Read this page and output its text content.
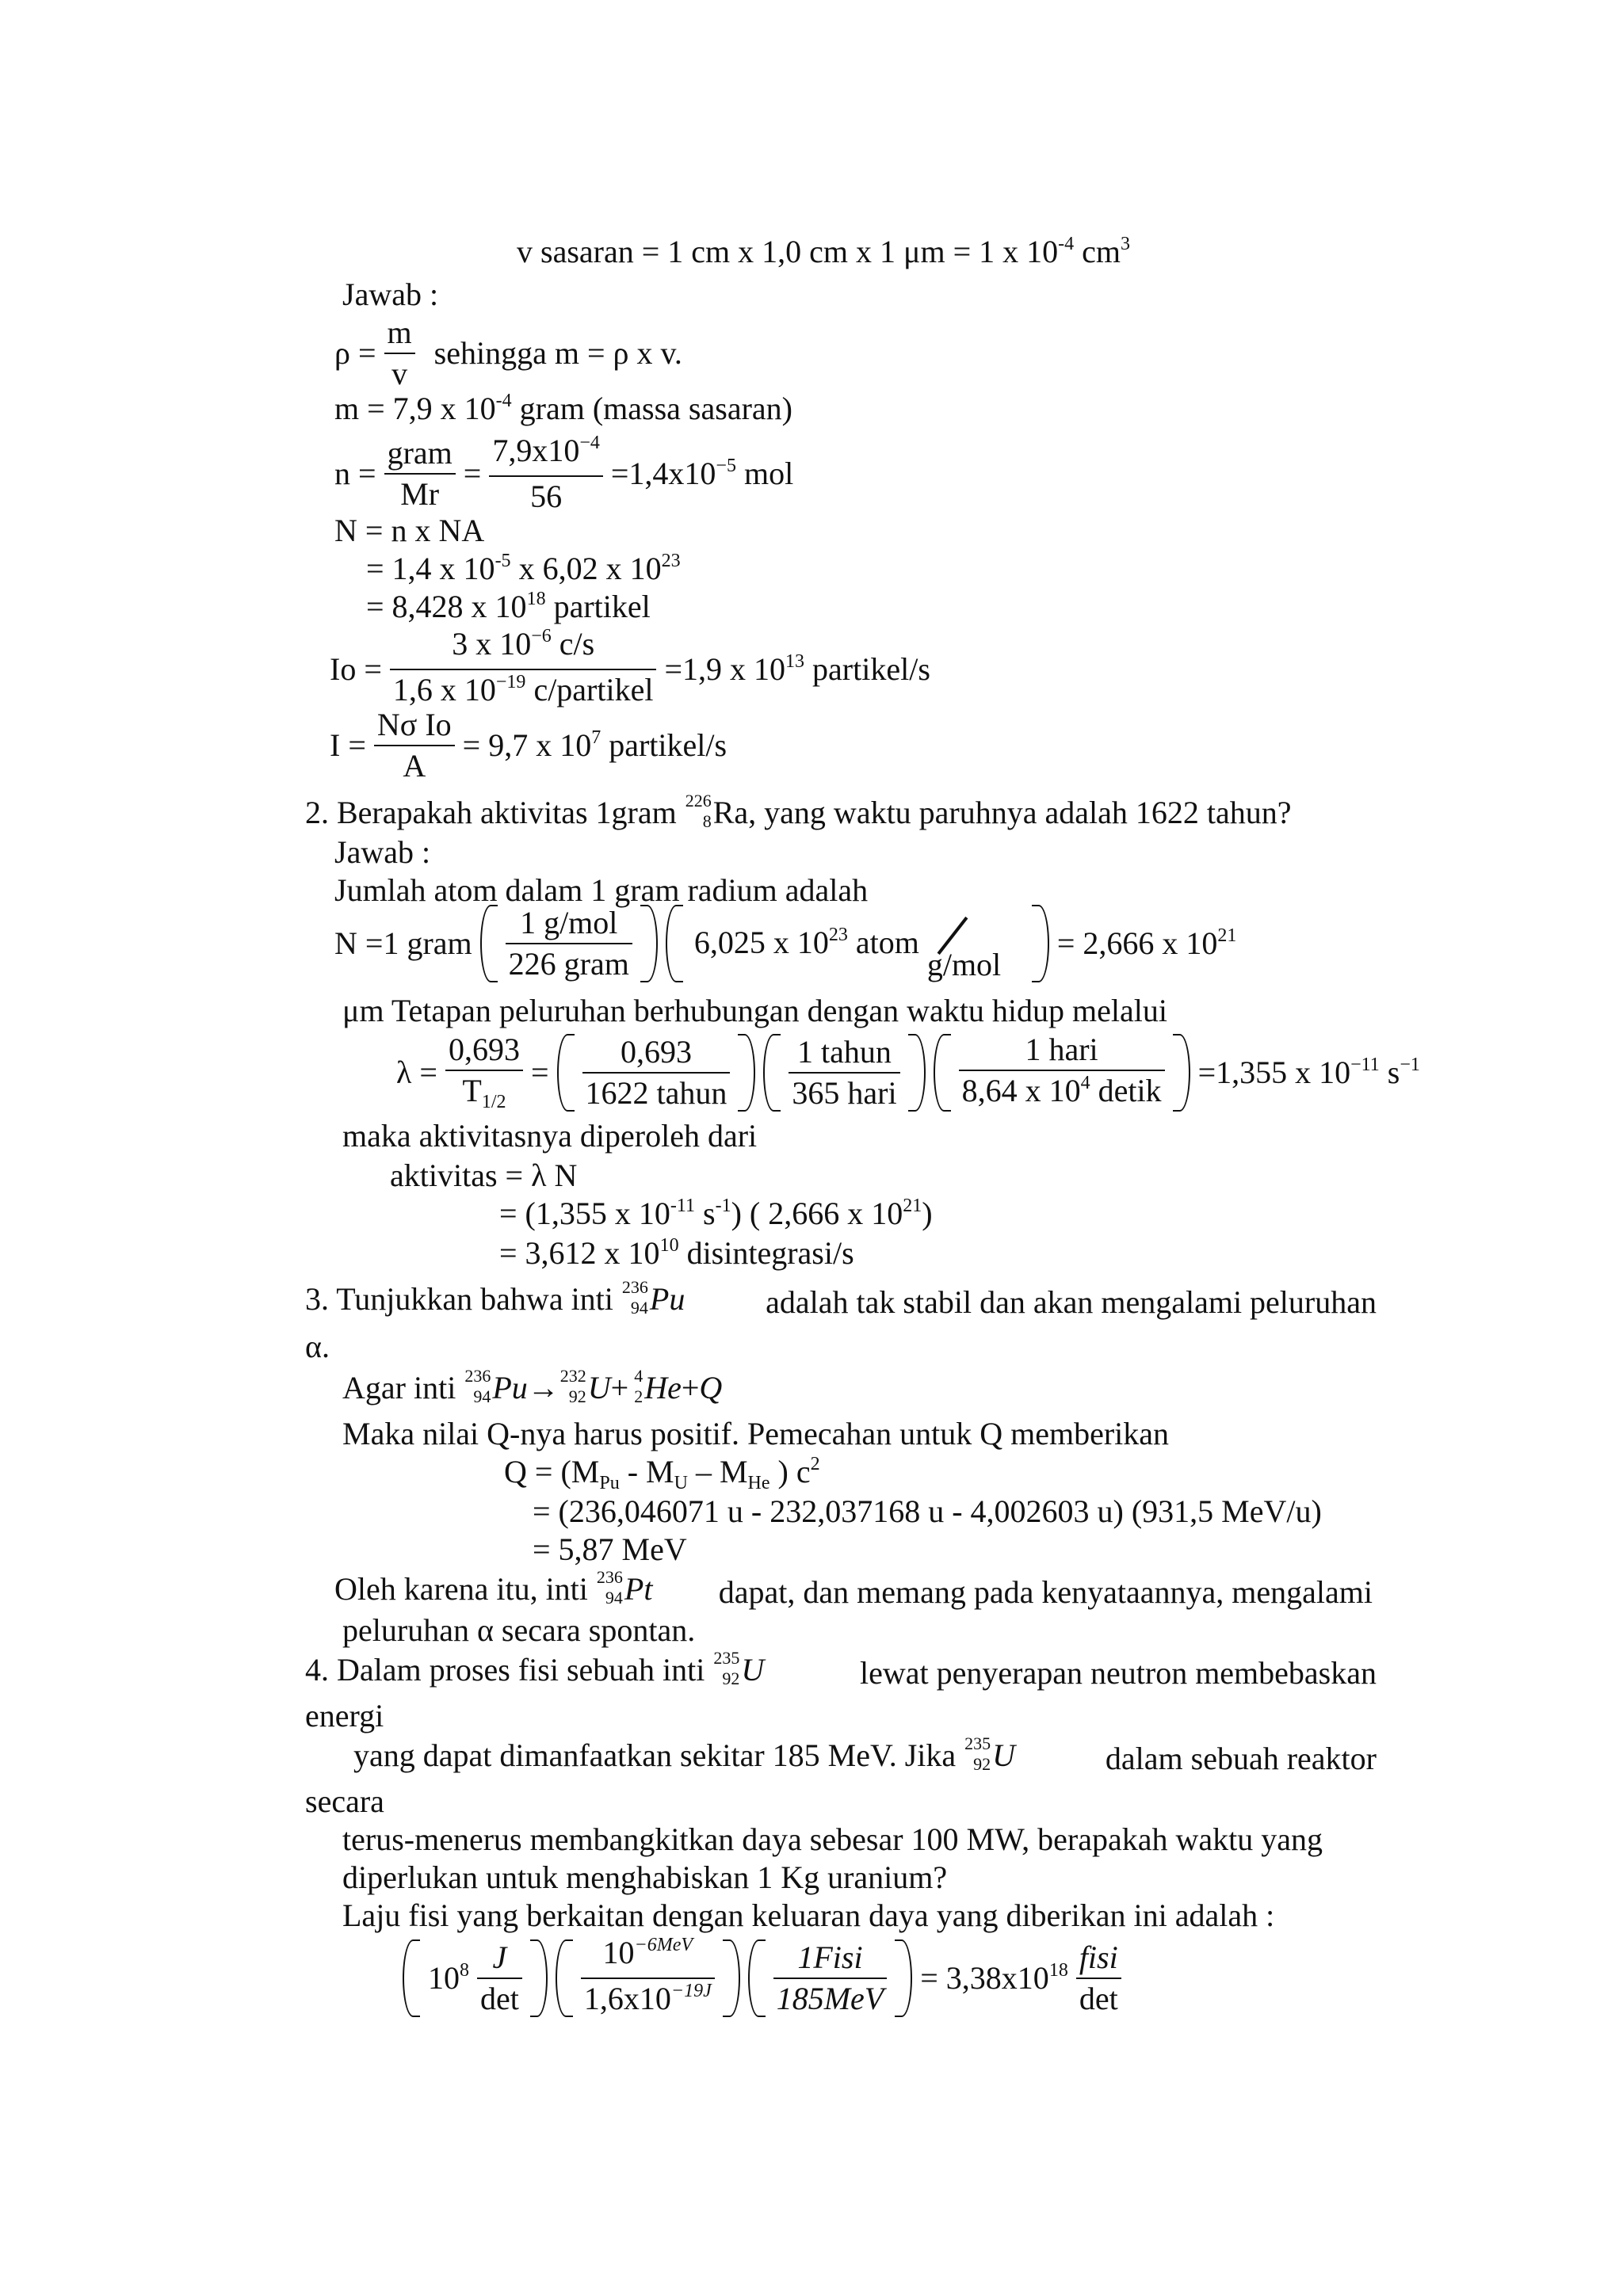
v sasaran = 1 cm x 1,0 cm x 1 μm = 1 x $10^{-4}$ $cm^3$
Jawab :
$\rho = \frac{m}{v}$ sehingga m = ρ x v.
m = 7,9 x $10^{-4}$ gram (massa sasaran)
$n = \frac{\text{gram}}{Mr} = \frac{7,9x10^{-4}}{56} =1,4x10^{-5}$ mol
N = n x NA
= 1,4 x $10^{-5}$ x 6,02 x $10^{23}$
= 8,428 x $10^{18}$ partikel
$Io = \frac{3 x 10^{-6} c/s}{1,6 x 10^{-19} c/partikel} =1,9$ x $10^{13}$ partikel/s
$I = \frac{\text{Nσ Io}}{A} = 9,7$ x $10^7$ partikel/s
2. Berapakah aktivitas 1gram 226
8 Ra, yang waktu paruhnya adalah 1622 tahun?
Jawab :
Jumlah atom dalam 1 gram radium adalah
N =1 gram $\frac{\text{1 g/mol}}{\text{226 gram}}$
6,025 x $10^{23}$ atom
g/mol
= 2,666 x $10^{21}$
μm Tetapan peluruhan berhubungan dengan waktu hidup melalui
$\lambda = \frac{0,693}{T_{1/2}} = \frac{0,693}{\text{1622 tahun}}$
$\frac{\text{1 tahun}}{\text{365 hari}}$
$\frac{\text{1 hari}}{8,64 x 10^4 detik} =1,355$ x $10^{-11}$ $s^{-1}$
maka aktivitasnya diperoleh dari
aktivitas = λ N
= (1,355 x $10^{-11}$ $s^{-1}$) ( 2,666 x $10^{21}$)
= 3,612 x $10^{10}$ disintegrasi/s
3. Tunjukkan bahwa inti 236
94 Pu	adalah tak stabil dan akan mengalami peluruhan
α.
Agar inti 236
94 Pu→ 232
92 U+ 4
2 He+Q
Maka nilai Q-nya harus positif. Pemecahan untuk Q memberikan
$Q = (M_{Pu} - M_U - M_{He}$ ) $c^2$
= (236,046071 u - 232,037168 u - 4,002603 u) (931,5 MeV/u)
= 5,87 MeV
Oleh karena itu, inti 236
94 Pt dapat, dan memang pada kenyataannya, mengalami
peluruhan α secara spontan.
4. Dalam proses fisi sebuah inti 235
92 U	lewat penyerapan neutron membebaskan
energi
yang dapat dimanfaatkan sekitar 185 MeV. Jika 235
92 U	dalam sebuah reaktor
secara
terus-menerus membangkitkan daya sebesar 100 MW, berapakah waktu yang
diperlukan untuk menghabiskan 1 Kg uranium?
Laju fisi yang berkaitan dengan keluaran daya yang diberikan ini adalah :
$10^8 \frac{J}{\det}$
$\frac{10^{-6MeV}}{1,6x10^{-19J}}$
$\frac{\text{1Fisi}}{\text{185MeV}} = 3,38x10^{18} \frac{\text{fisi}}{\det}$
